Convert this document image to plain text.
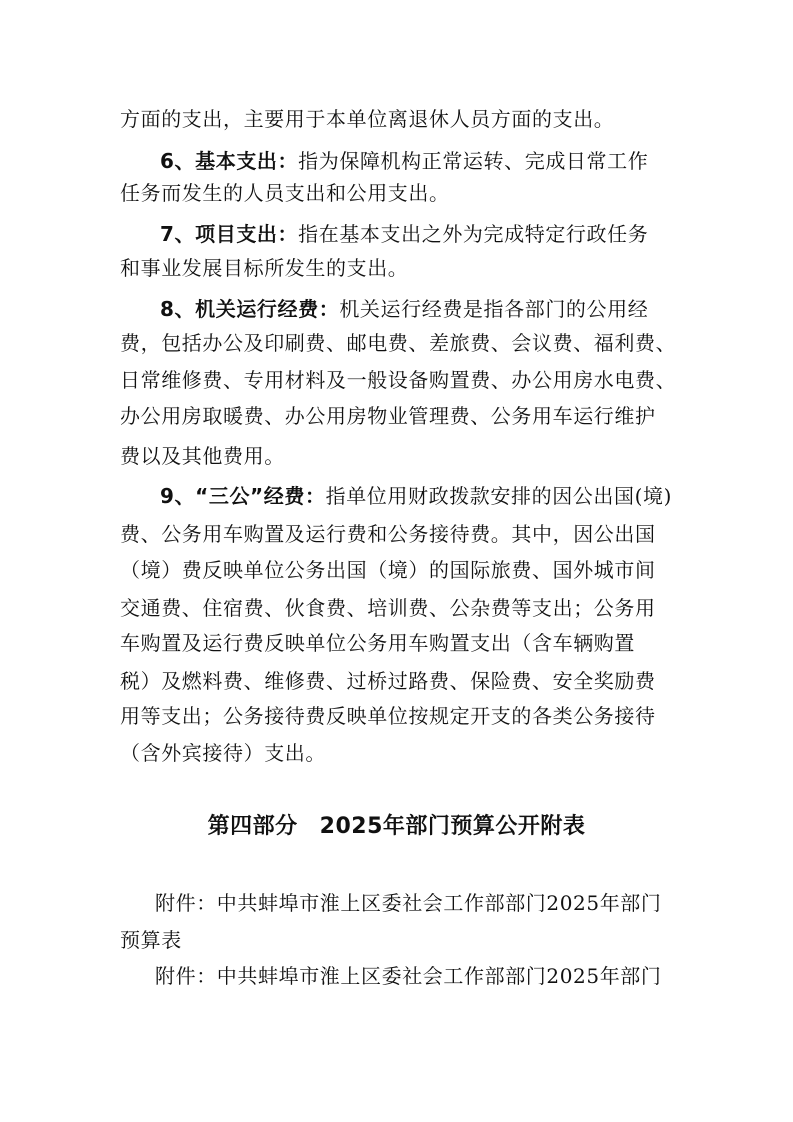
方面的支出，主要用于本单位离退休人员方面的支出。
6、基本支出：指为保障机构正常运转、完成日常工作
任务而发生的人员支出和公用支出。
7、项目支出：指在基本支出之外为完成特定行政任务
和事业发展目标所发生的支出。
8、机关运行经费：机关运行经费是指各部门的公用经
费，包括办公及印刷费、邮电费、差旅费、会议费、福利费、
日常维修费、专用材料及一般设备购置费、办公用房水电费、
办公用房取暖费、办公用房物业管理费、公务用车运行维护
费以及其他费用。
9、“三公”经费：指单位用财政拨款安排的因公出国(境)
费、公务用车购置及运行费和公务接待费。其中，因公出国
（境）费反映单位公务出国（境）的国际旅费、国外城市间
交通费、住宿费、伙食费、培训费、公杂费等支出；公务用
车购置及运行费反映单位公务用车购置支出（含车辆购置
税）及燃料费、维修费、过桥过路费、保险费、安全奖励费
用等支出；公务接待费反映单位按规定开支的各类公务接待
（含外宾接待）支出。
第四部分 2025年部门预算公开附表
附件：中共蚌埠市淮上区委社会工作部部门2025年部门
预算表
附件：中共蚌埠市淮上区委社会工作部部门2025年部门
